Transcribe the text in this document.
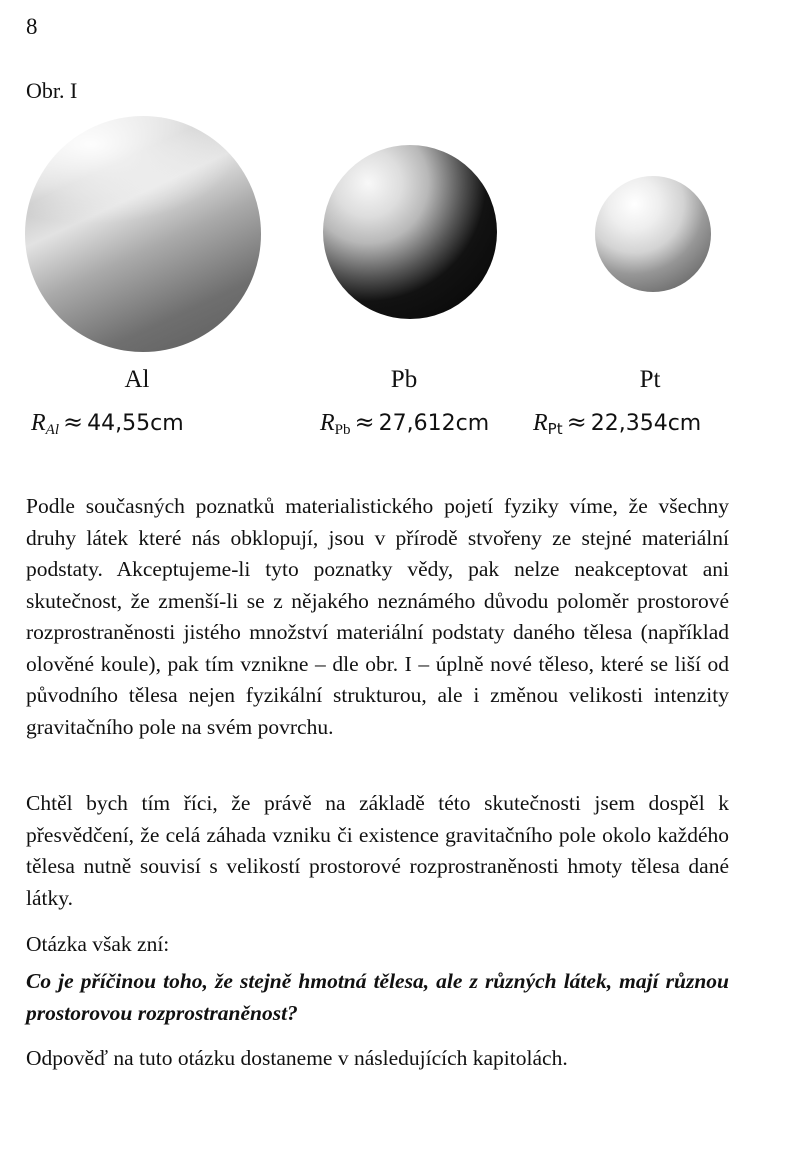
8
Obr. I
Al	Pb	Pt
$R_{Al} \approx 44,55cm$	$R_{Pb} \approx 27,612cm$ $R_{Pt} \approx 22,354cm$

Podle současných poznatků materialistického pojetí fyziky víme, že všechny druhy látek které nás obklopují, jsou v přírodě stvořeny ze stejné materiální podstaty. Akceptujeme-li tyto poznatky vědy, pak nelze neakceptovat ani skutečnost, že zmenší-li se z nějakého neznámého důvodu poloměr prostorové rozprostraněnosti jistého množství materiální podstaty daného tělesa (například olověné koule), pak tím vznikne – dle obr. I – úplně nové těleso, které se liší od původního tělesa nejen fyzikální strukturou, ale i změnou velikosti intenzity gravitačního pole na svém povrchu.

Chtěl bych tím říci, že právě na základě této skutečnosti jsem dospěl k přesvědčení, že celá záhada vzniku či existence gravitačního pole okolo každého tělesa nutně souvisí s velikostí prostorové rozprostraněnosti hmoty tělesa dané látky.

Otázka však zní:

Co je příčinou toho, že stejně hmotná tělesa, ale z různých látek, mají různou prostorovou rozprostraněnost?

Odpověď na tuto otázku dostaneme v následujících kapitolách.
